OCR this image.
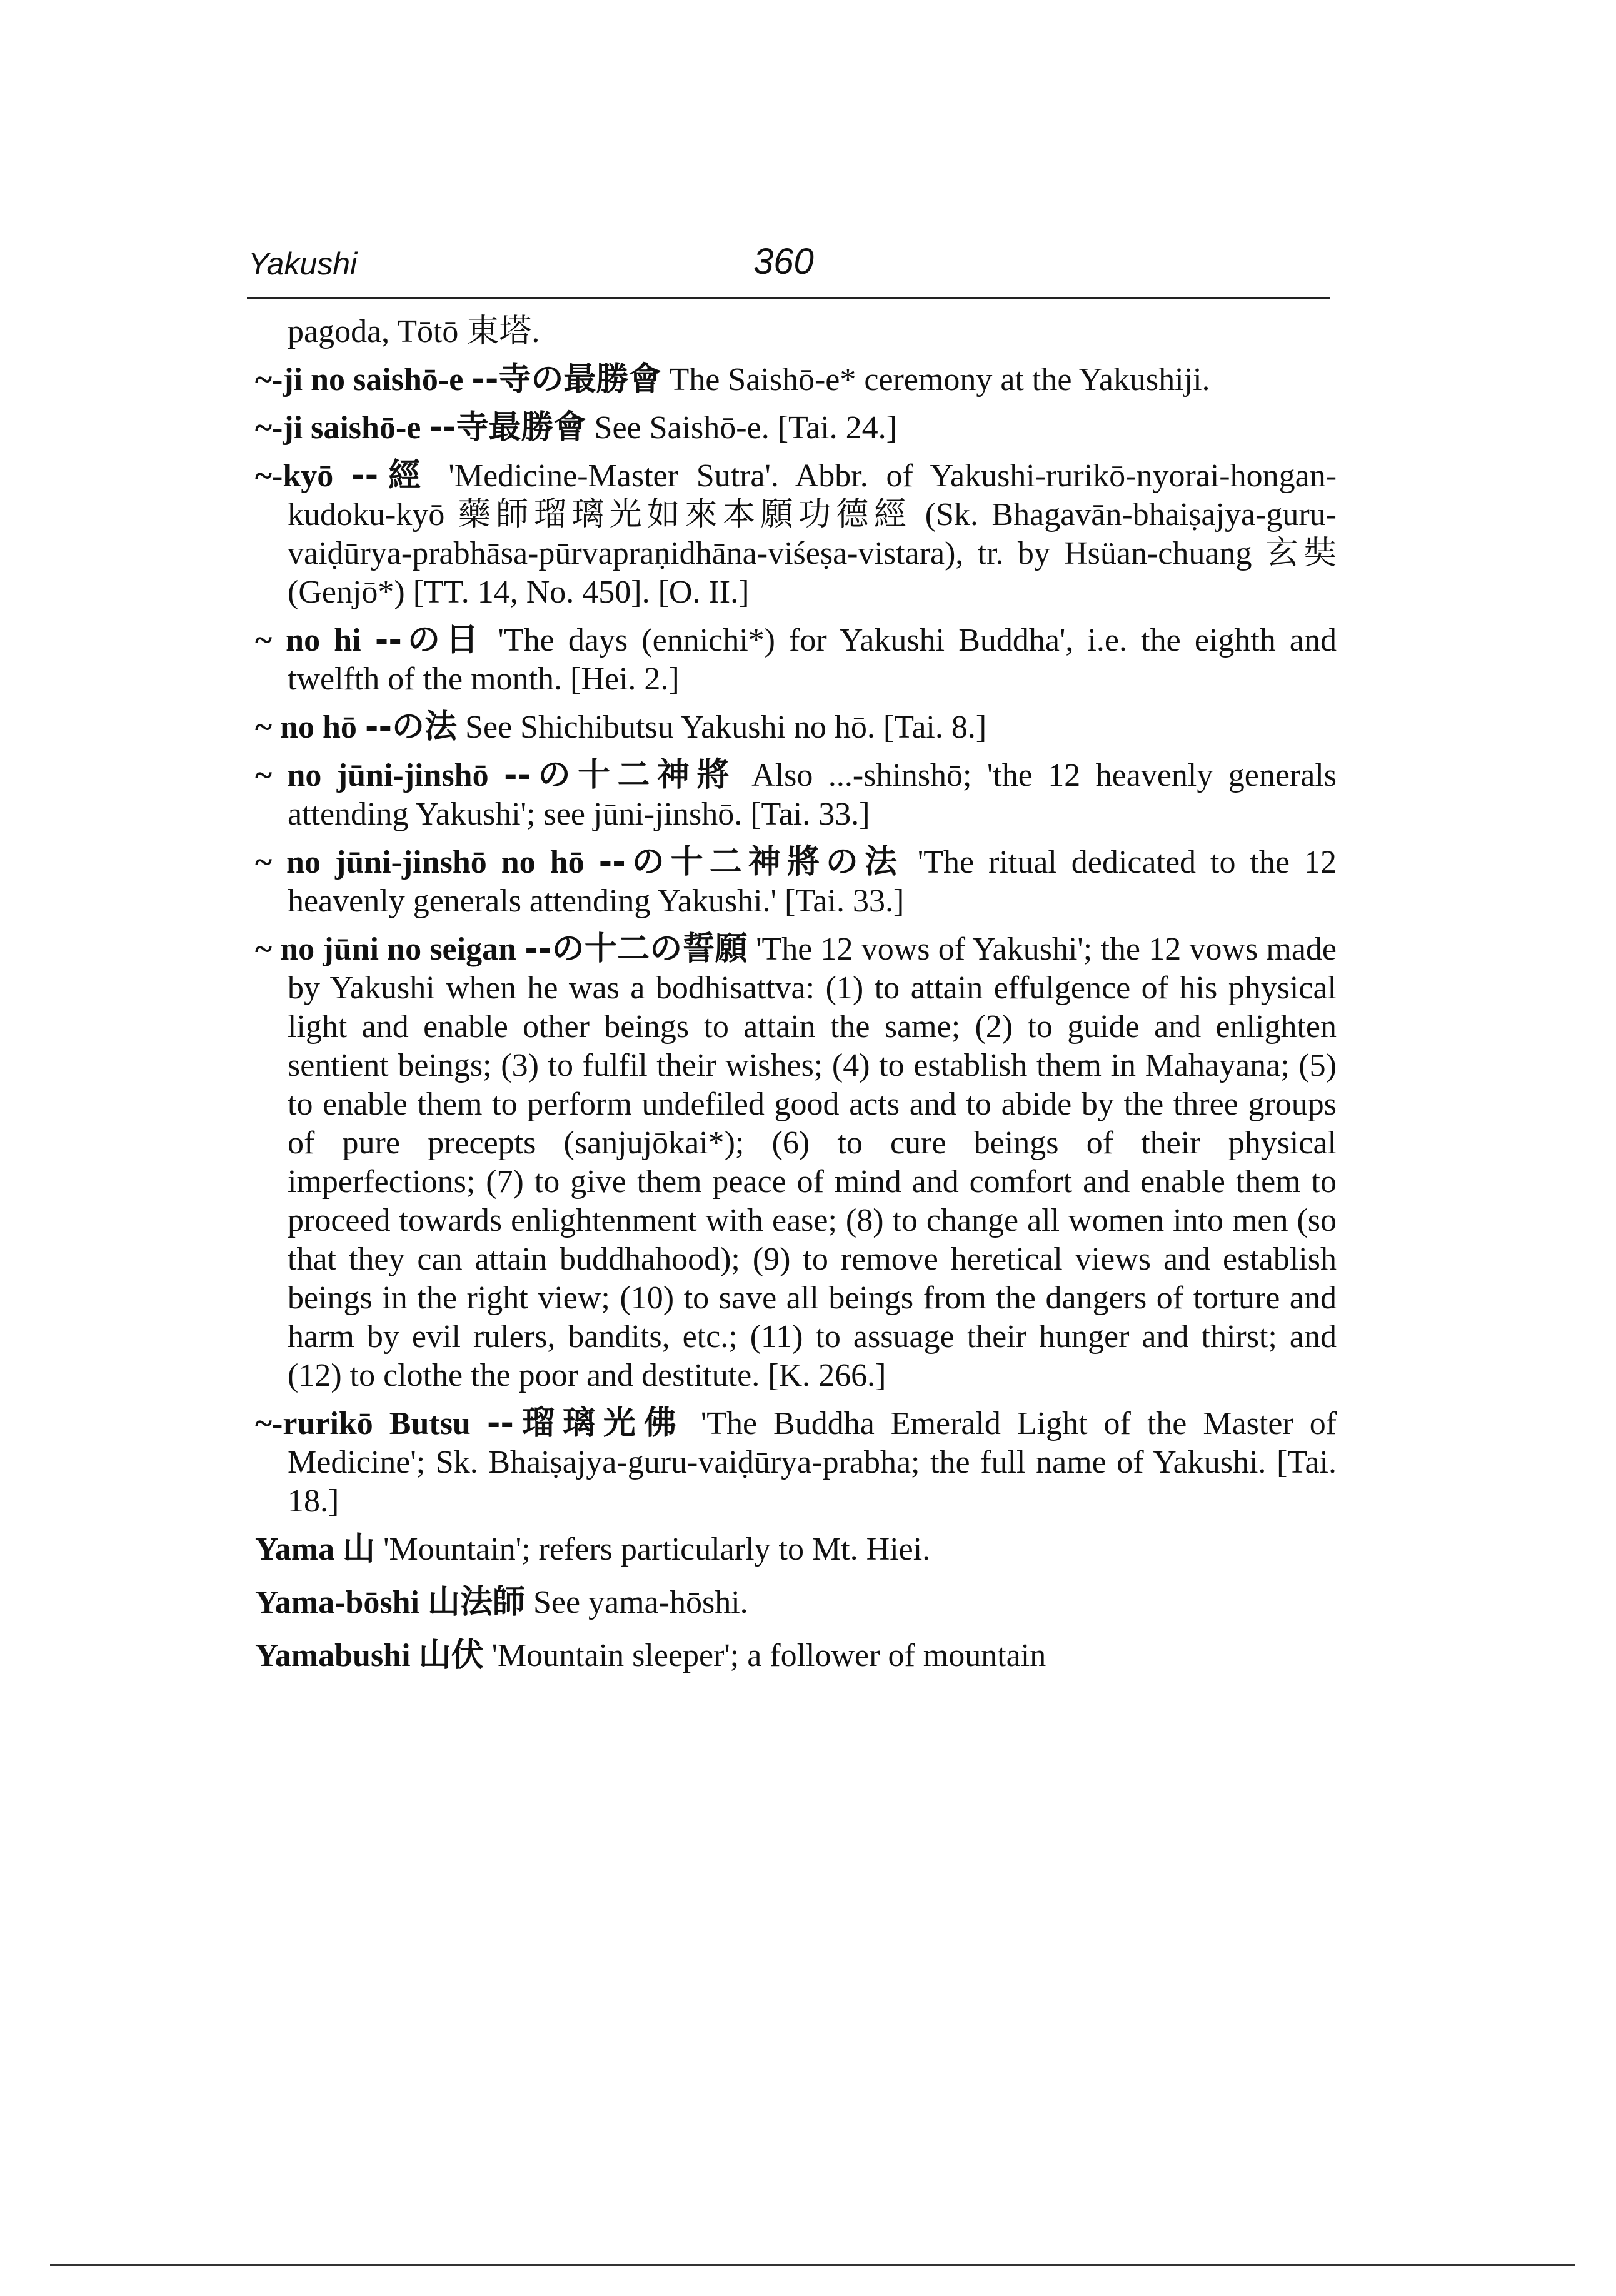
Yakushi	360
pagoda, Tōtō 東塔.
~-ji no saishō-e --寺の最勝會 The Saishō-e* ceremony at the Yakushiji.
~-ji saishō-e --寺最勝會 See Saishō-e. [Tai. 24.]
~-kyō --經 'Medicine-Master Sutra'. Abbr. of Yakushi-rurikō-nyorai-hongan-kudoku-kyō 藥師瑠璃光如來本願功德經 (Sk. Bhagavān-bhaiṣajya-guru-vaiḍūrya-prabhāsa-pūrvapraṇidhāna-viśeṣa-vistara), tr. by Hsüan-chuang 玄奘 (Genjō*) [TT. 14, No. 450]. [O. II.]
~ no hi --の日 'The days (ennichi*) for Yakushi Buddha', i.e. the eighth and twelfth of the month. [Hei. 2.]
~ no hō --の法 See Shichibutsu Yakushi no hō. [Tai. 8.]
~ no jūni-jinshō --の十二神將 Also ...-shinshō; 'the 12 heavenly generals attending Yakushi'; see jūni-jinshō. [Tai. 33.]
~ no jūni-jinshō no hō --の十二神將の法 'The ritual dedicated to the 12 heavenly generals attending Yakushi.' [Tai. 33.]
~ no jūni no seigan --の十二の誓願 'The 12 vows of Yakushi'; the 12 vows made by Yakushi when he was a bodhisattva: (1) to attain effulgence of his physical light and enable other beings to attain the same; (2) to guide and enlighten sentient beings; (3) to fulfil their wishes; (4) to establish them in Mahayana; (5) to enable them to perform undefiled good acts and to abide by the three groups of pure precepts (sanjujōkai*); (6) to cure beings of their physical imperfections; (7) to give them peace of mind and comfort and enable them to proceed towards enlightenment with ease; (8) to change all women into men (so that they can attain buddhahood); (9) to remove heretical views and establish beings in the right view; (10) to save all beings from the dangers of torture and harm by evil rulers, bandits, etc.; (11) to assuage their hunger and thirst; and (12) to clothe the poor and destitute. [K. 266.]
~-rurikō Butsu --瑠璃光佛 'The Buddha Emerald Light of the Master of Medicine'; Sk. Bhaiṣajya-guru-vaiḍūrya-prabha; the full name of Yakushi. [Tai. 18.]
Yama 山 'Mountain'; refers particularly to Mt. Hiei.
Yama-bōshi 山法師 See yama-hōshi.
Yamabushi 山伏 'Mountain sleeper'; a follower of mountain
